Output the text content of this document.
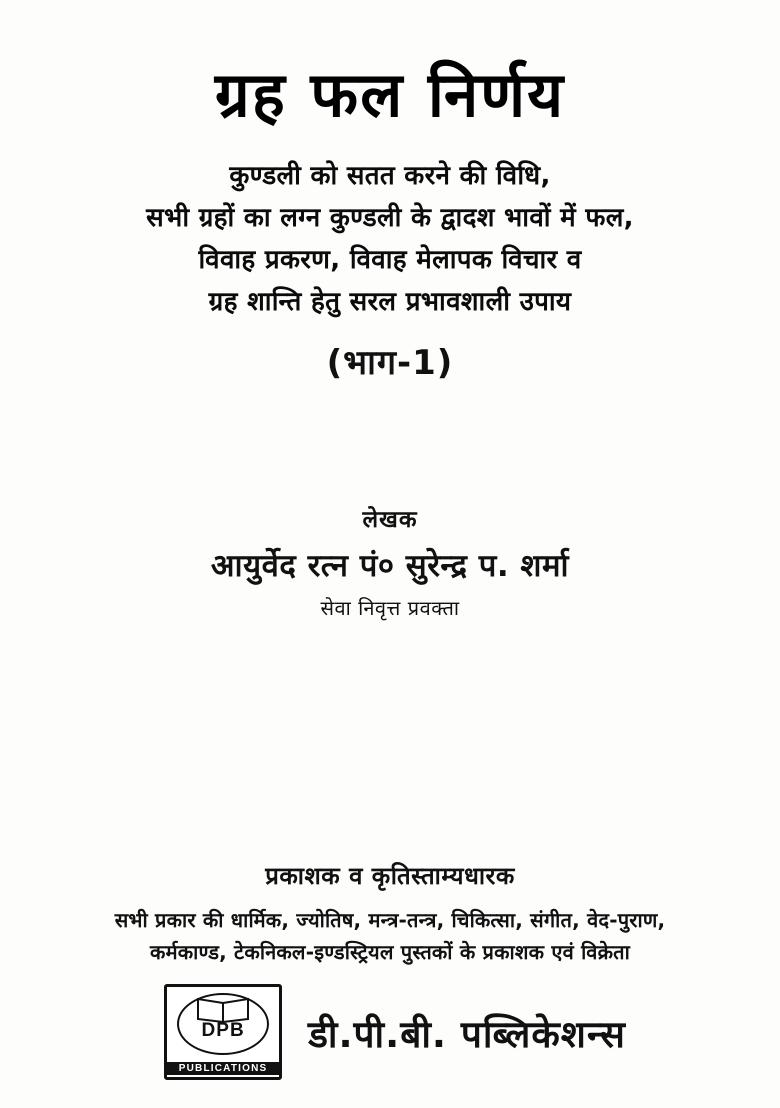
ग्रह फल निर्णय
कुण्डली को सतत करने की विधि,
सभी ग्रहों का लग्न कुण्डली के द्वादश भावों में फल,
विवाह प्रकरण, विवाह मेलापक विचार व
ग्रह शान्ति हेतु सरल प्रभावशाली उपाय
(भाग-1)
लेखक
आयुर्वेद रत्न पं० सुरेन्द्र प. शर्मा
सेवा निवृत्त प्रवक्ता
प्रकाशक व कृतिस्ताम्यधारक
सभी प्रकार की धार्मिक, ज्योतिष, मन्त्र-तन्त्र, चिकित्सा, संगीत, वेद-पुराण,
कर्मकाण्ड, टेकनिकल-इण्डस्ट्रियल पुस्तकों के प्रकाशक एवं विक्रेता
DPB
PUBLICATIONS
डी.पी.बी. पब्लिकेशन्स
